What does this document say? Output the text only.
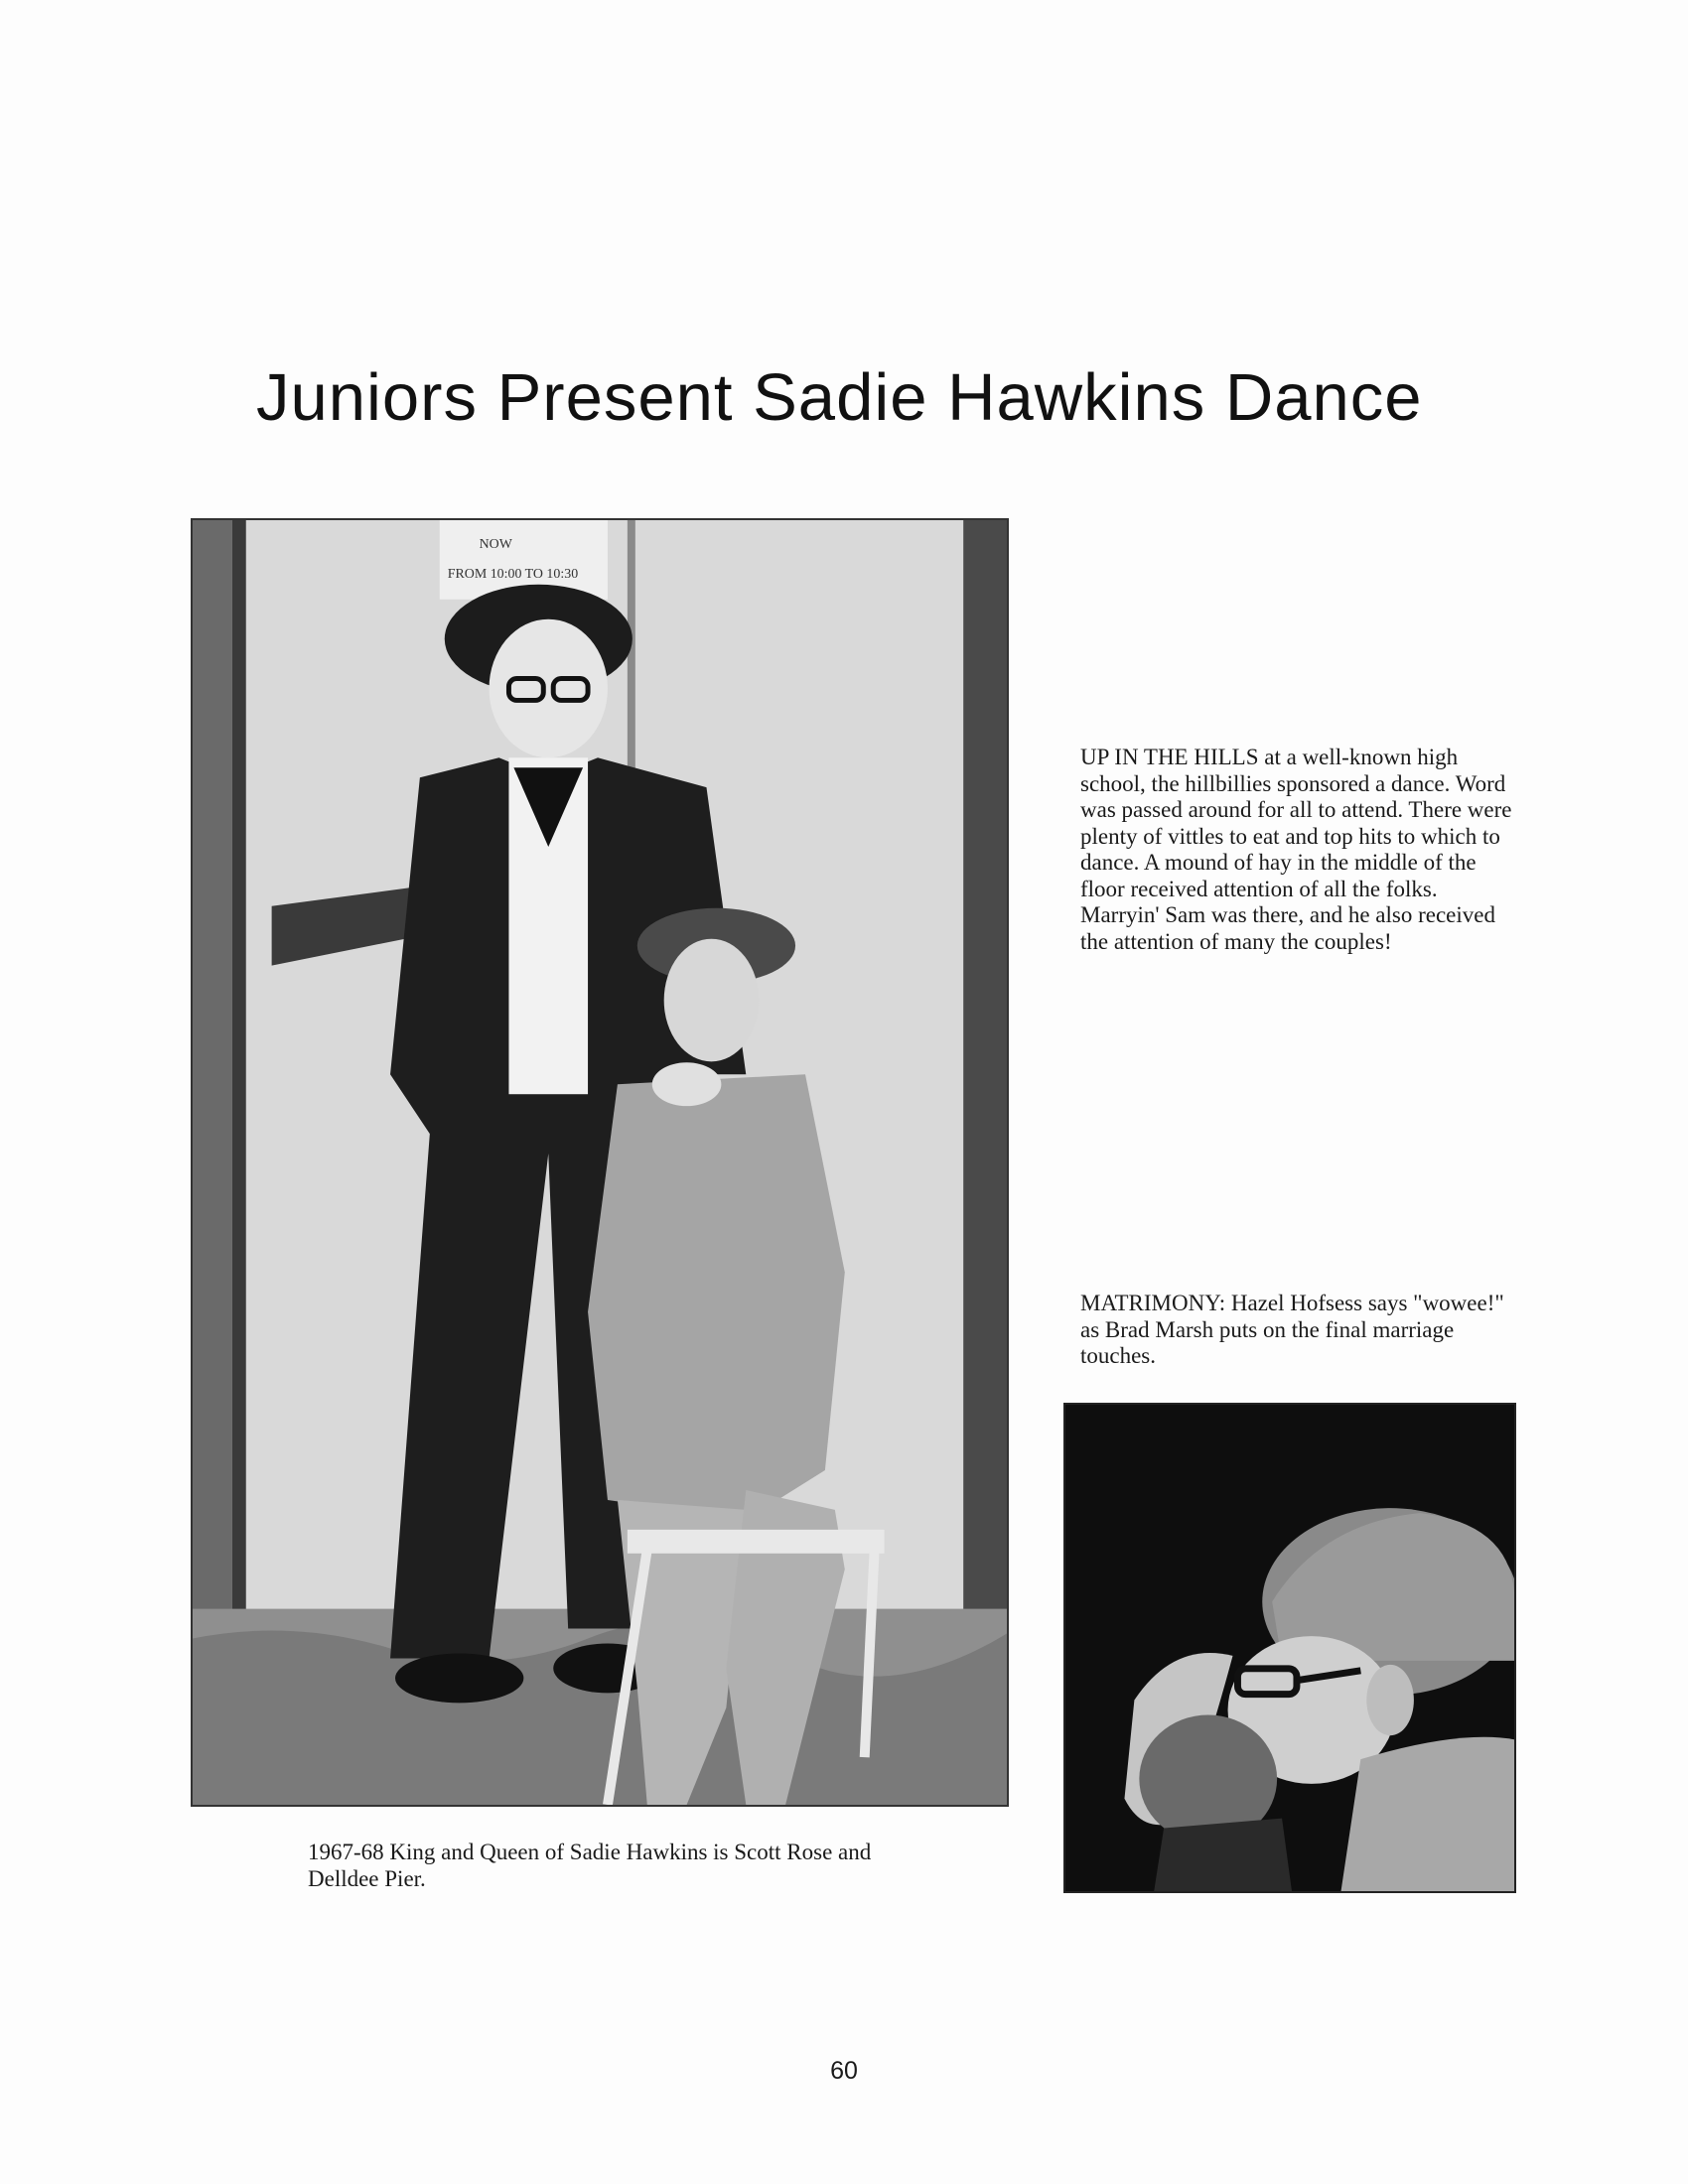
Juniors Present Sadie Hawkins Dance
NOW
FROM 10:00 TO 10:30

1967-68 King and Queen of Sadie Hawkins is Scott Rose and Delldee Pier.

UP IN THE HILLS at a well-known high school, the hillbillies sponsored a dance. Word was passed around for all to attend. There were plenty of vittles to eat and top hits to which to dance. A mound of hay in the middle of the floor received attention of all the folks. Marryin' Sam was there, and he also received the attention of many the couples!

MATRIMONY: Hazel Hofsess says "wowee!" as Brad Marsh puts on the final marriage touches.

60
